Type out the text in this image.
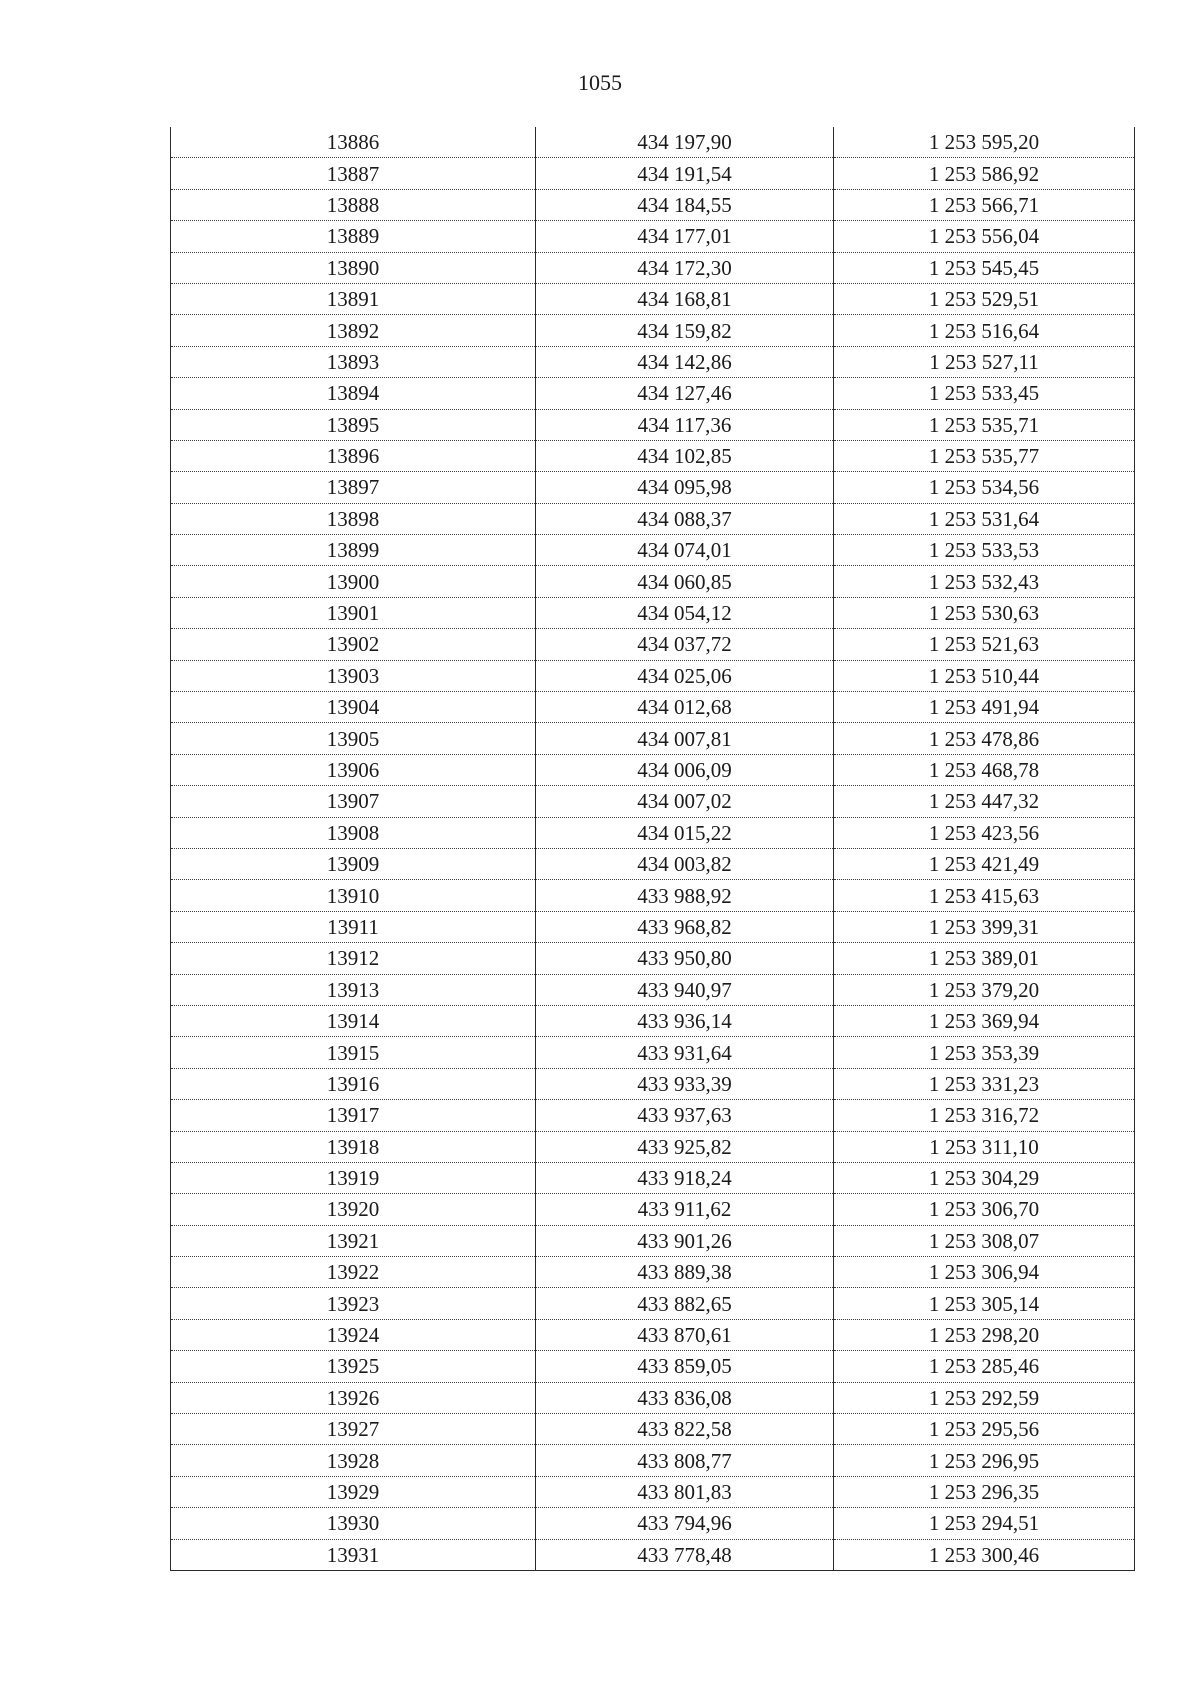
1055
13886	434 197,90	1 253 595,20
13887	434 191,54	1 253 586,92
13888	434 184,55	1 253 566,71
13889	434 177,01	1 253 556,04
13890	434 172,30	1 253 545,45
13891	434 168,81	1 253 529,51
13892	434 159,82	1 253 516,64
13893	434 142,86	1 253 527,11
13894	434 127,46	1 253 533,45
13895	434 117,36	1 253 535,71
13896	434 102,85	1 253 535,77
13897	434 095,98	1 253 534,56
13898	434 088,37	1 253 531,64
13899	434 074,01	1 253 533,53
13900	434 060,85	1 253 532,43
13901	434 054,12	1 253 530,63
13902	434 037,72	1 253 521,63
13903	434 025,06	1 253 510,44
13904	434 012,68	1 253 491,94
13905	434 007,81	1 253 478,86
13906	434 006,09	1 253 468,78
13907	434 007,02	1 253 447,32
13908	434 015,22	1 253 423,56
13909	434 003,82	1 253 421,49
13910	433 988,92	1 253 415,63
13911	433 968,82	1 253 399,31
13912	433 950,80	1 253 389,01
13913	433 940,97	1 253 379,20
13914	433 936,14	1 253 369,94
13915	433 931,64	1 253 353,39
13916	433 933,39	1 253 331,23
13917	433 937,63	1 253 316,72
13918	433 925,82	1 253 311,10
13919	433 918,24	1 253 304,29
13920	433 911,62	1 253 306,70
13921	433 901,26	1 253 308,07
13922	433 889,38	1 253 306,94
13923	433 882,65	1 253 305,14
13924	433 870,61	1 253 298,20
13925	433 859,05	1 253 285,46
13926	433 836,08	1 253 292,59
13927	433 822,58	1 253 295,56
13928	433 808,77	1 253 296,95
13929	433 801,83	1 253 296,35
13930	433 794,96	1 253 294,51
13931	433 778,48	1 253 300,46
